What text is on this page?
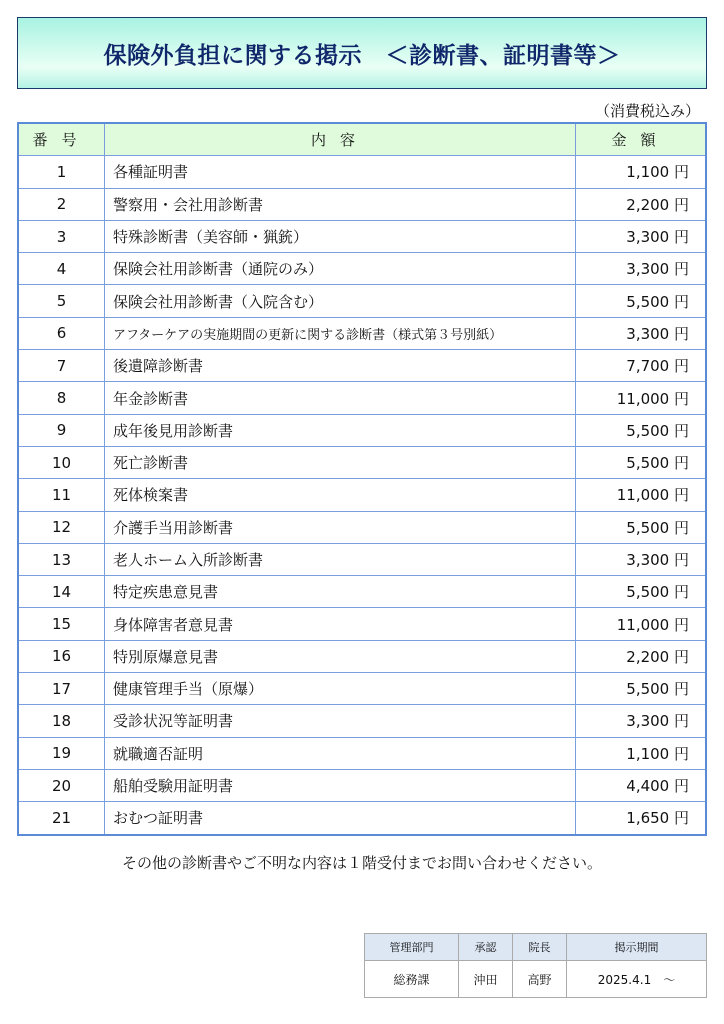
保険外負担に関する掲示　＜診断書、証明書等＞
（消費税込み）
番号	内容	金額
1	各種証明書	1,100 円
2	警察用・会社用診断書	2,200 円
3	特殊診断書（美容師・猟銃）	3,300 円
4	保険会社用診断書（通院のみ）	3,300 円
5	保険会社用診断書（入院含む）	5,500 円
6	アフターケアの実施期間の更新に関する診断書（様式第３号別紙）	3,300 円
7	後遺障診断書	7,700 円
8	年金診断書	11,000 円
9	成年後見用診断書	5,500 円
10	死亡診断書	5,500 円
11	死体検案書	11,000 円
12	介護手当用診断書	5,500 円
13	老人ホーム入所診断書	3,300 円
14	特定疾患意見書	5,500 円
15	身体障害者意見書	11,000 円
16	特別原爆意見書	2,200 円
17	健康管理手当（原爆）	5,500 円
18	受診状況等証明書	3,300 円
19	就職適否証明	1,100 円
20	船舶受験用証明書	4,400 円
21	おむつ証明書	1,650 円
その他の診断書やご不明な内容は１階受付までお問い合わせください。
管理部門	承認	院長	掲示期間
総務課	沖田	高野	2025.4.1　～
